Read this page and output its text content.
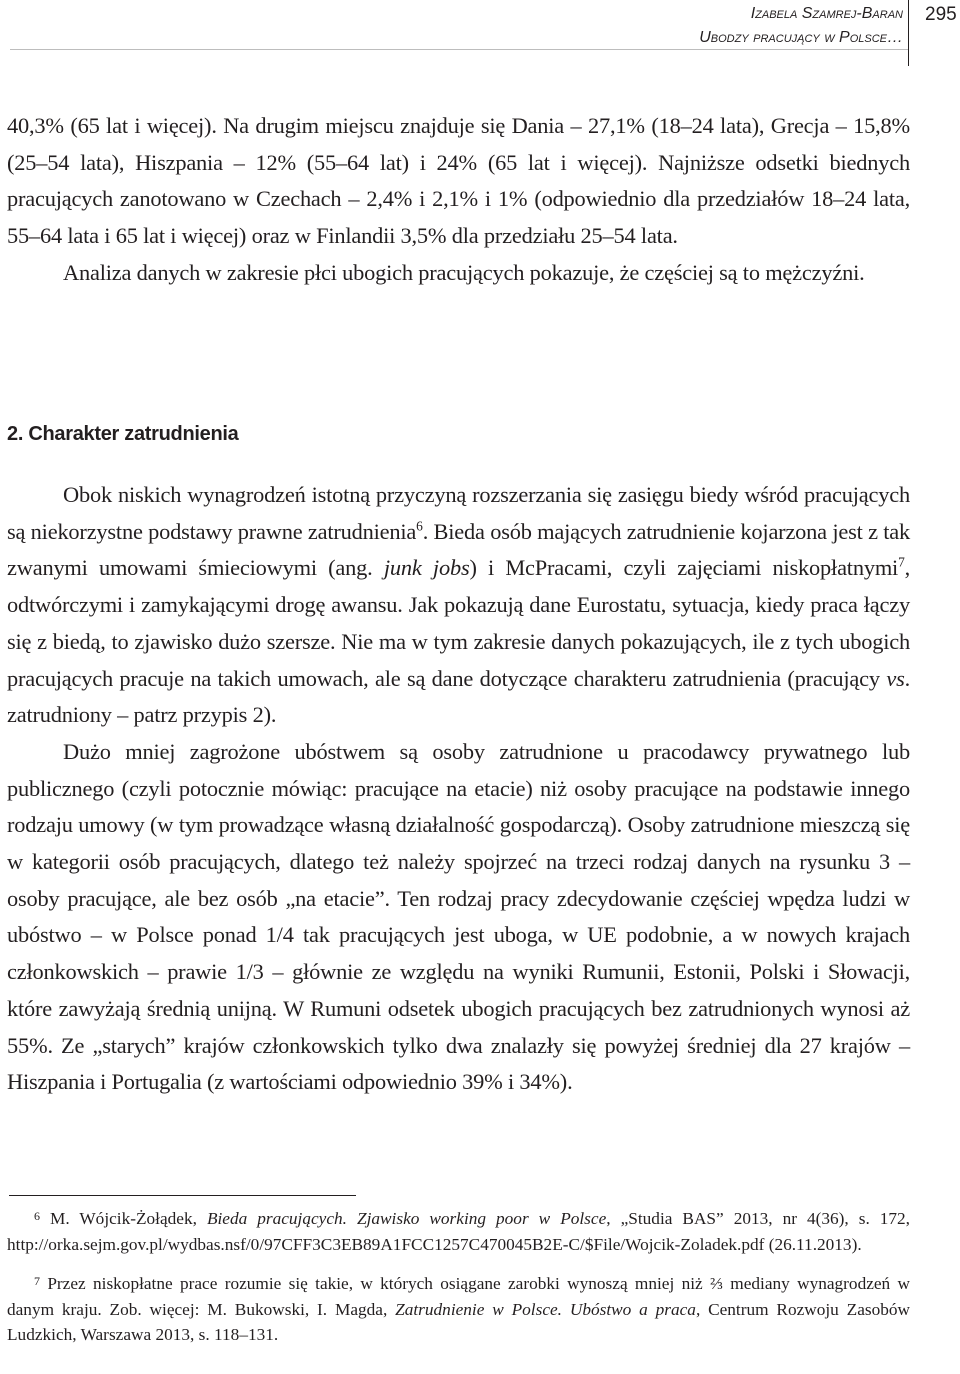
Izabela Szamrej-Baran
Ubodzy pracujący w Polsce…
295

40,3% (65 lat i więcej). Na drugim miejscu znajduje się Dania – 27,1% (18–24 lata), Grecja – 15,8% (25–54 lata), Hiszpania – 12% (55–64 lat) i 24% (65 lat i więcej). Najniższe odsetki biednych pracujących zanotowano w Czechach – 2,4% i 2,1% i 1% (odpowiednio dla przedziałów 18–24 lata, 55–64 lata i 65 lat i więcej) oraz w Finlandii 3,5% dla przedziału 25–54 lata.

Analiza danych w zakresie płci ubogich pracujących pokazuje, że częściej są to mężczyźni.

2. Charakter zatrudnienia

Obok niskich wynagrodzeń istotną przyczyną rozszerzania się zasięgu biedy wśród pracujących są niekorzystne podstawy prawne zatrudnienia$^6$. Bieda osób mających zatrudnienie kojarzona jest z tak zwanymi umowami śmieciowymi (ang. junk jobs) i McPracami, czyli zajęciami niskopłatnymi$^7$, odtwórczymi i zamykającymi drogę awansu. Jak pokazują dane Eurostatu, sytuacja, kiedy praca łączy się z biedą, to zjawisko dużo szersze. Nie ma w tym zakresie danych pokazujących, ile z tych ubogich pracujących pracuje na takich umowach, ale są dane dotyczące charakteru zatrudnienia (pracujący vs. zatrudniony – patrz przypis 2).

Dużo mniej zagrożone ubóstwem są osoby zatrudnione u pracodawcy prywatnego lub publicznego (czyli potocznie mówiąc: pracujące na etacie) niż osoby pracujące na podstawie innego rodzaju umowy (w tym prowadzące własną działalność gospodarczą). Osoby zatrudnione mieszczą się w kategorii osób pracujących, dlatego też należy spojrzeć na trzeci rodzaj danych na rysunku 3 – osoby pracujące, ale bez osób „na etacie”. Ten rodzaj pracy zdecydowanie częściej wpędza ludzi w ubóstwo – w Polsce ponad 1/4 tak pracujących jest uboga, w UE podobnie, a w nowych krajach członkowskich – prawie 1/3 – głównie ze względu na wyniki Rumunii, Estonii, Polski i Słowacji, które zawyżają średnią unijną. W Rumuni odsetek ubogich pracujących bez zatrudnionych wynosi aż 55%. Ze „starych” krajów członkowskich tylko dwa znalazły się powyżej średniej dla 27 krajów – Hiszpania i Portugalia (z wartościami odpowiednio 39% i 34%).

$^6$ M. Wójcik-Żołądek, Bieda pracujących. Zjawisko working poor w Polsce, „Studia BAS” 2013, nr 4(36), s. 172, http://orka.sejm.gov.pl/wydbas.nsf/0/97CFF3C3EB89A1FCC1257C470045B2E-C/$File/Wojcik-Zoladek.pdf (26.11.2013).

$^7$ Przez niskopłatne prace rozumie się takie, w których osiągane zarobki wynoszą mniej niż ⅔ mediany wynagrodzeń w danym kraju. Zob. więcej: M. Bukowski, I. Magda, Zatrudnienie w Polsce. Ubóstwo a praca, Centrum Rozwoju Zasobów Ludzkich, Warszawa 2013, s. 118–131.
